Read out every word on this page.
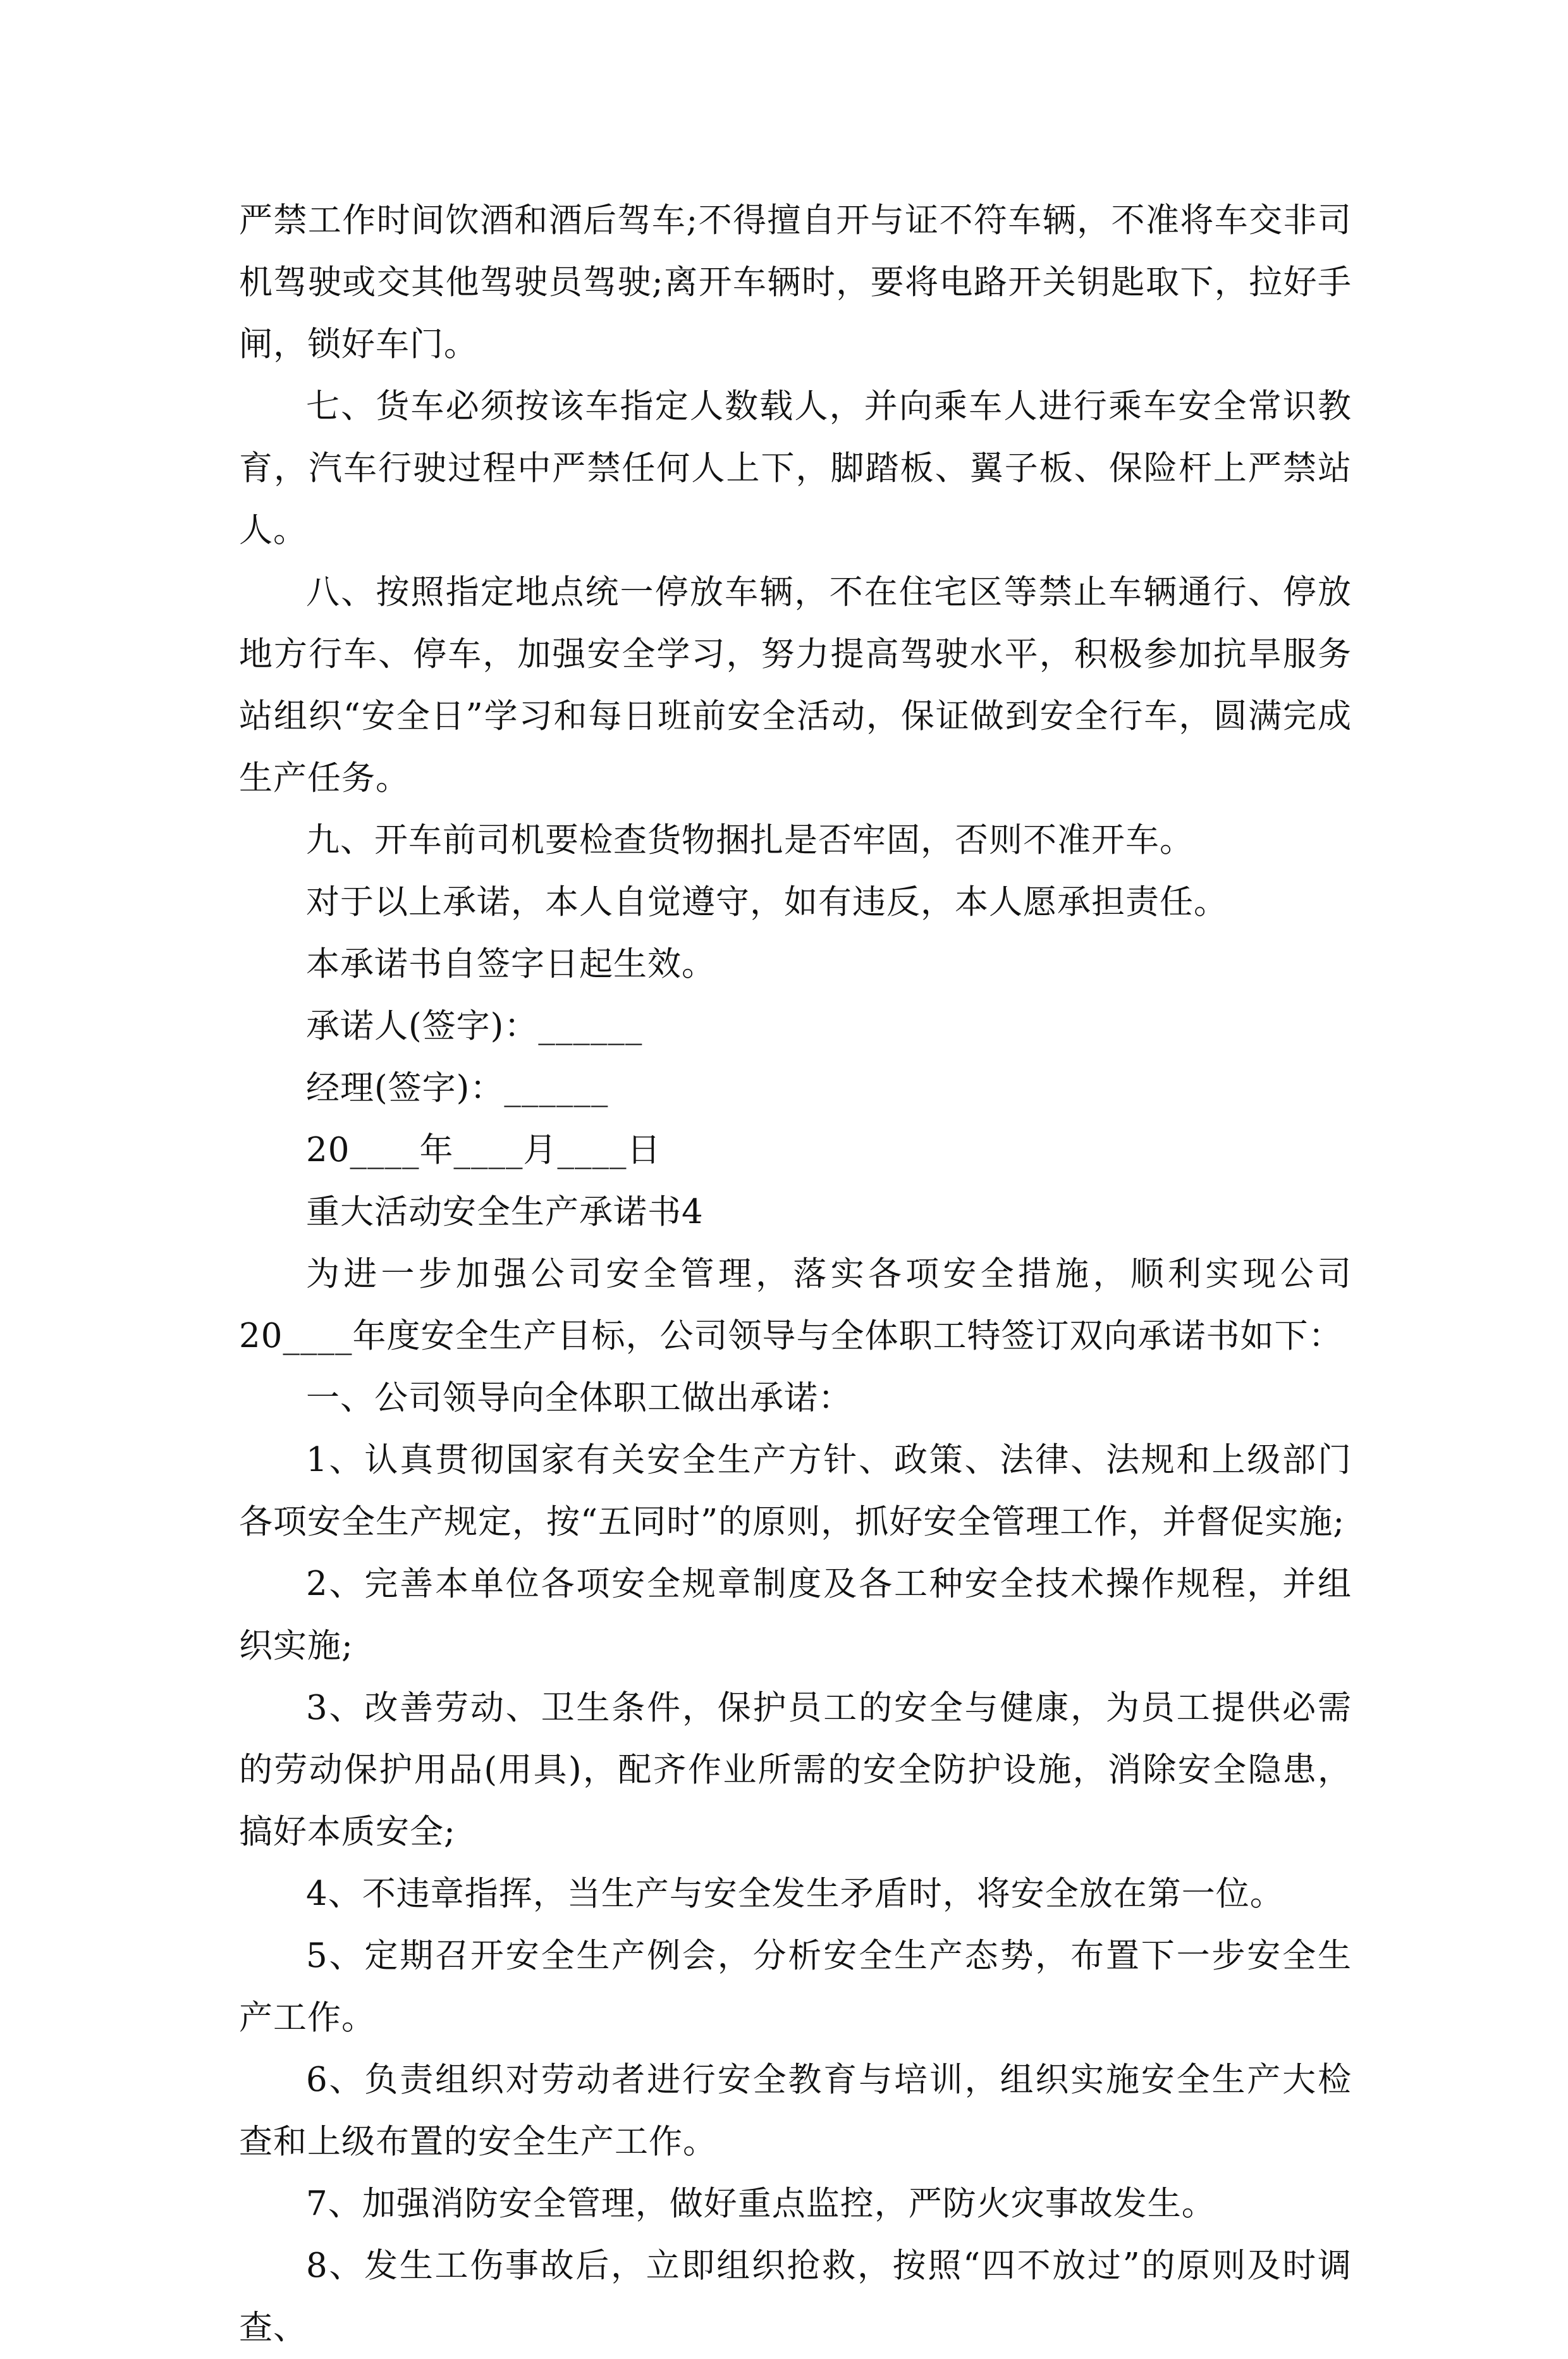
严禁工作时间饮酒和酒后驾车;不得擅自开与证不符车辆，不准将车交非司机驾驶或交其他驾驶员驾驶;离开车辆时，要将电路开关钥匙取下，拉好手闸，锁好车门。

七、货车必须按该车指定人数载人，并向乘车人进行乘车安全常识教育，汽车行驶过程中严禁任何人上下，脚踏板、翼子板、保险杆上严禁站人。

八、按照指定地点统一停放车辆，不在住宅区等禁止车辆通行、停放地方行车、停车，加强安全学习，努力提高驾驶水平，积极参加抗旱服务站组织“安全日”学习和每日班前安全活动，保证做到安全行车，圆满完成生产任务。

九、开车前司机要检查货物捆扎是否牢固，否则不准开车。

对于以上承诺，本人自觉遵守，如有违反，本人愿承担责任。

本承诺书自签字日起生效。

承诺人(签字)：______

经理(签字)：______

20____年____月____日

重大活动安全生产承诺书4

为进一步加强公司安全管理，落实各项安全措施，顺利实现公司20____年度安全生产目标，公司领导与全体职工特签订双向承诺书如下：

一、公司领导向全体职工做出承诺：

1、认真贯彻国家有关安全生产方针、政策、法律、法规和上级部门各项安全生产规定，按“五同时”的原则，抓好安全管理工作，并督促实施;

2、完善本单位各项安全规章制度及各工种安全技术操作规程，并组织实施;

3、改善劳动、卫生条件，保护员工的安全与健康，为员工提供必需的劳动保护用品(用具)，配齐作业所需的安全防护设施，消除安全隐患，搞好本质安全;

4、不违章指挥，当生产与安全发生矛盾时，将安全放在第一位。

5、定期召开安全生产例会，分析安全生产态势，布置下一步安全生产工作。

6、负责组织对劳动者进行安全教育与培训，组织实施安全生产大检查和上级布置的安全生产工作。

7、加强消防安全管理，做好重点监控，严防火灾事故发生。

8、发生工伤事故后，立即组织抢救，按照“四不放过”的原则及时调查、
